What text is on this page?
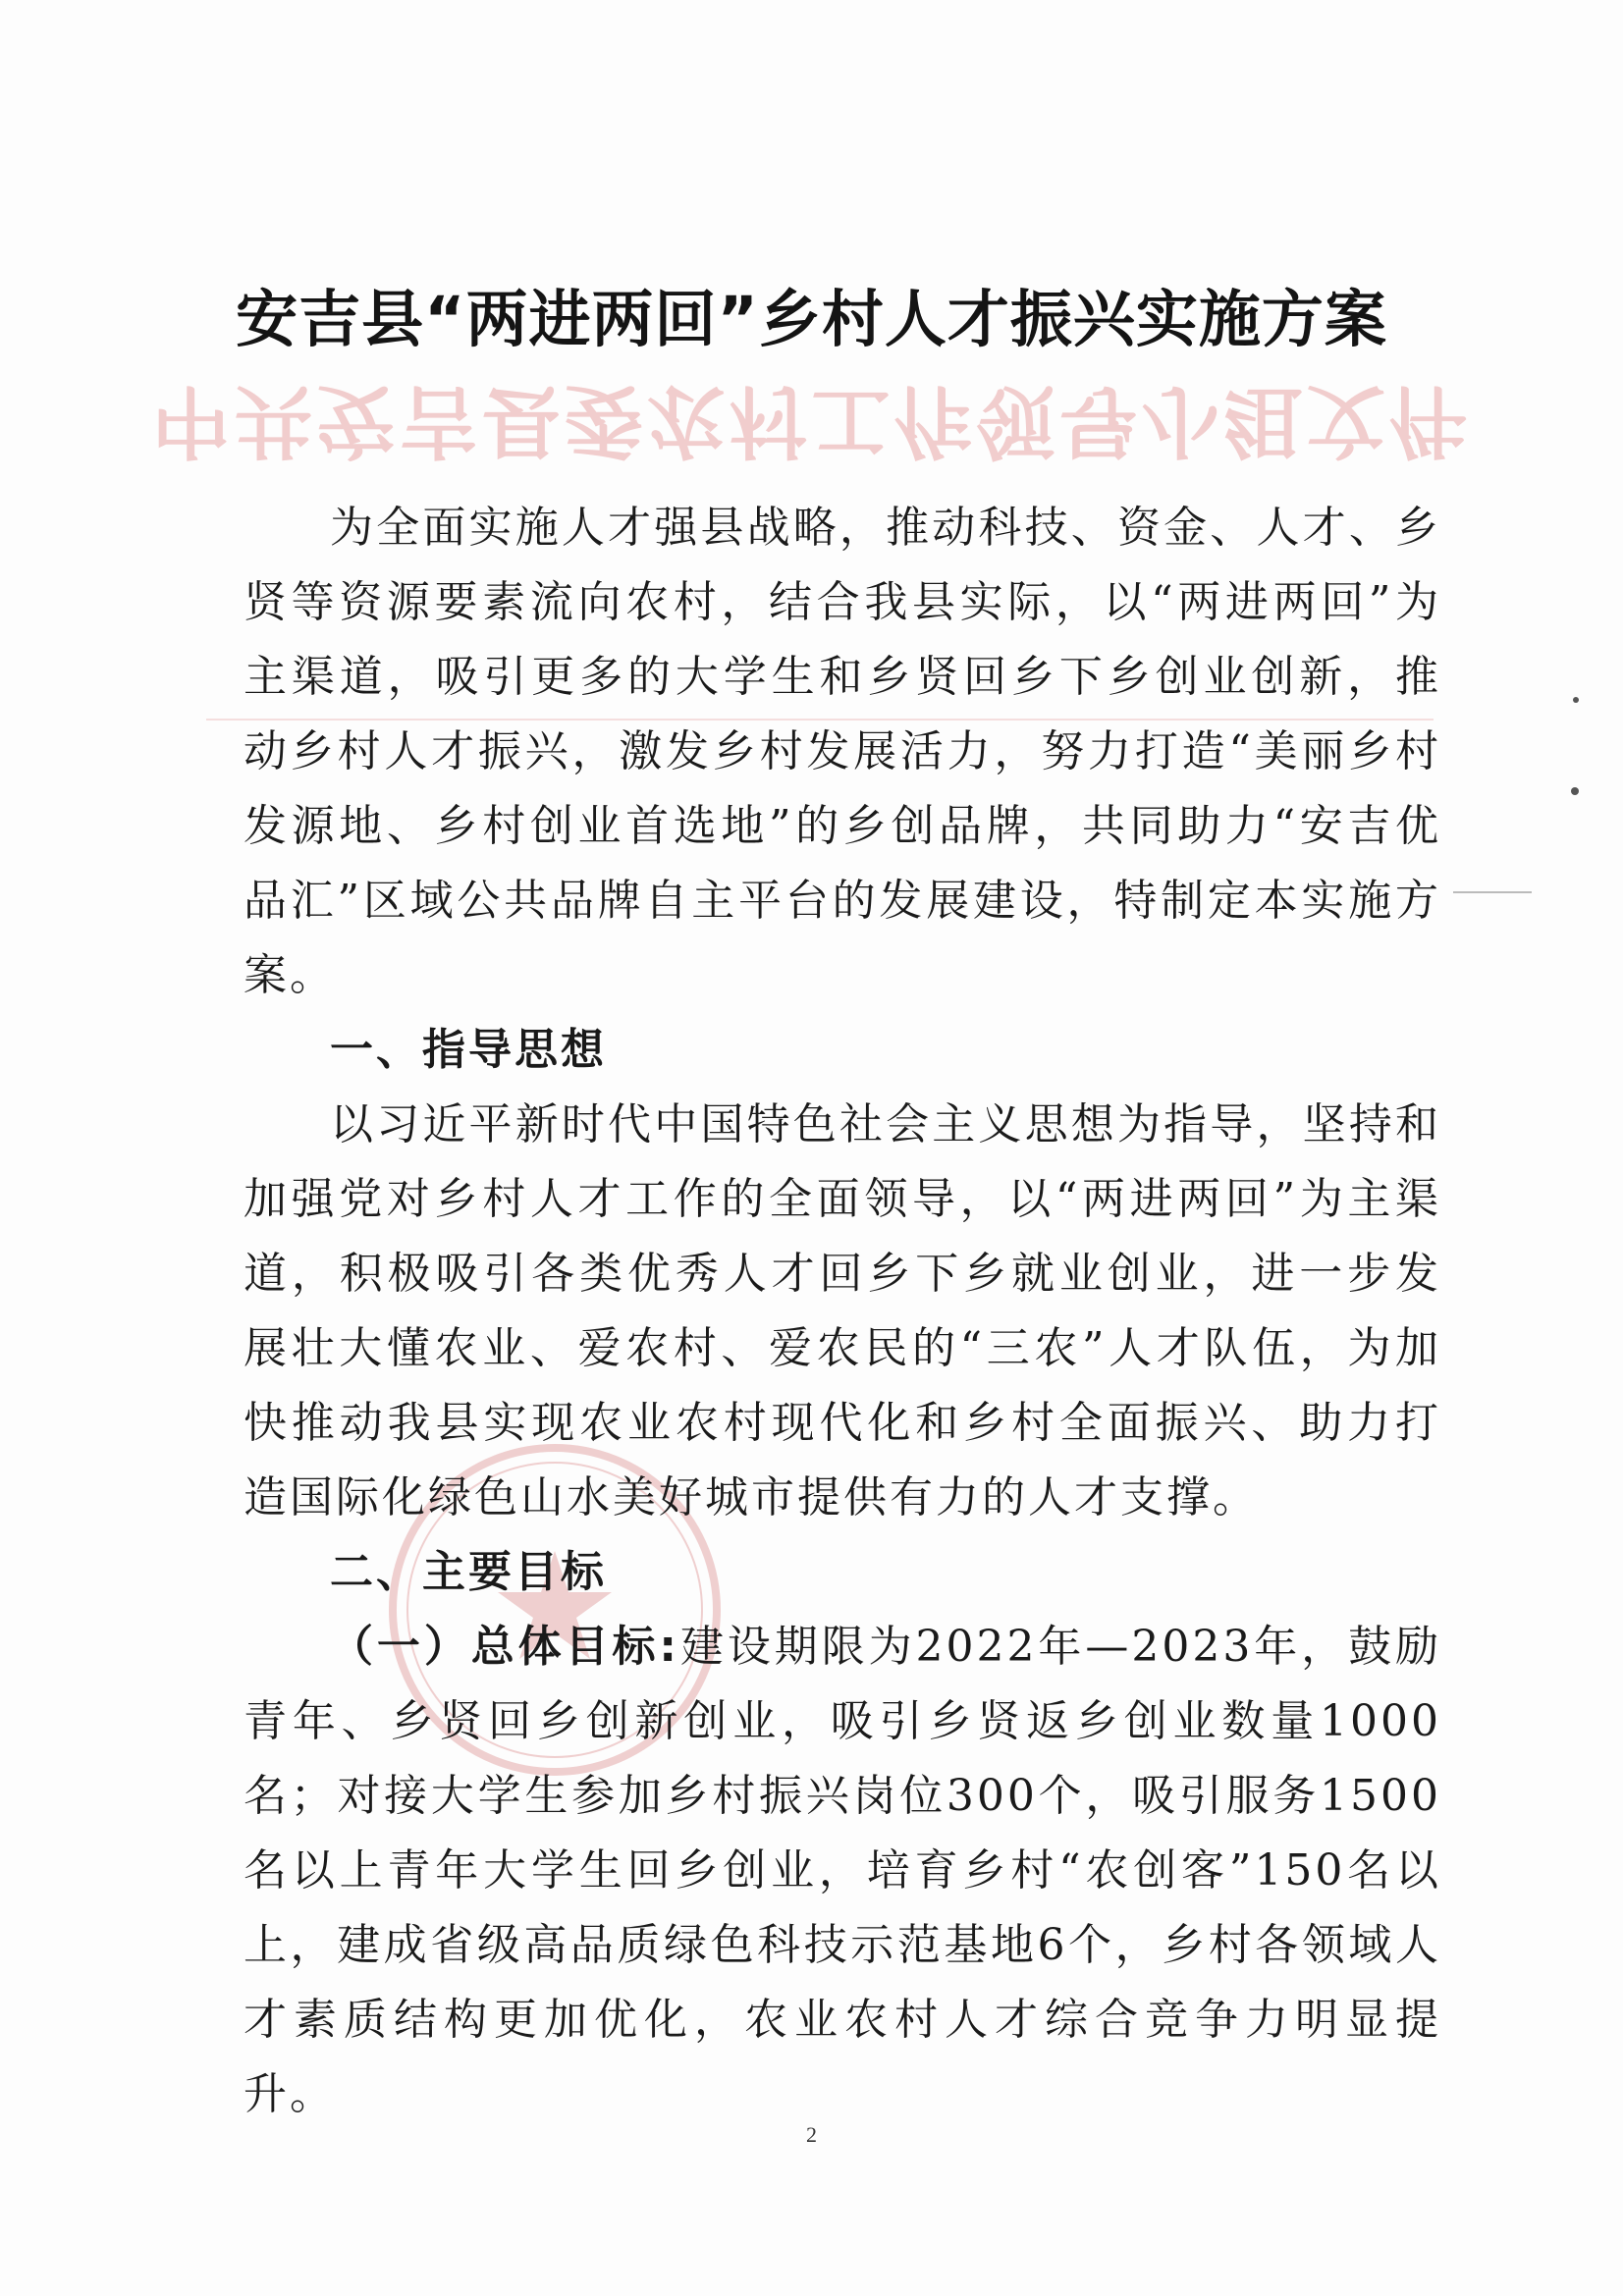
中共安吉县委农村工作领导小组文件
安吉县“两进两回”乡村人才振兴实施方案

为全面实施人才强县战略，推动科技、资金、人才、乡贤等资源要素流向农村，结合我县实际，以“两进两回”为主渠道，吸引更多的大学生和乡贤回乡下乡创业创新，推动乡村人才振兴，激发乡村发展活力，努力打造“美丽乡村发源地、乡村创业首选地”的乡创品牌，共同助力“安吉优品汇”区域公共品牌自主平台的发展建设，特制定本实施方案。

一、指导思想

以习近平新时代中国特色社会主义思想为指导，坚持和加强党对乡村人才工作的全面领导，以“两进两回”为主渠道，积极吸引各类优秀人才回乡下乡就业创业，进一步发展壮大懂农业、爱农村、爱农民的“三农”人才队伍，为加快推动我县实现农业农村现代化和乡村全面振兴、助力打造国际化绿色山水美好城市提供有力的人才支撑。

二、主要目标

（一）总体目标:建设期限为2022年—2023年，鼓励青年、乡贤回乡创新创业，吸引乡贤返乡创业数量1000名；对接大学生参加乡村振兴岗位300个，吸引服务1500名以上青年大学生回乡创业，培育乡村“农创客”150名以上，建成省级高品质绿色科技示范基地6个，乡村各领域人才素质结构更加优化，农业农村人才综合竞争力明显提升。

2
